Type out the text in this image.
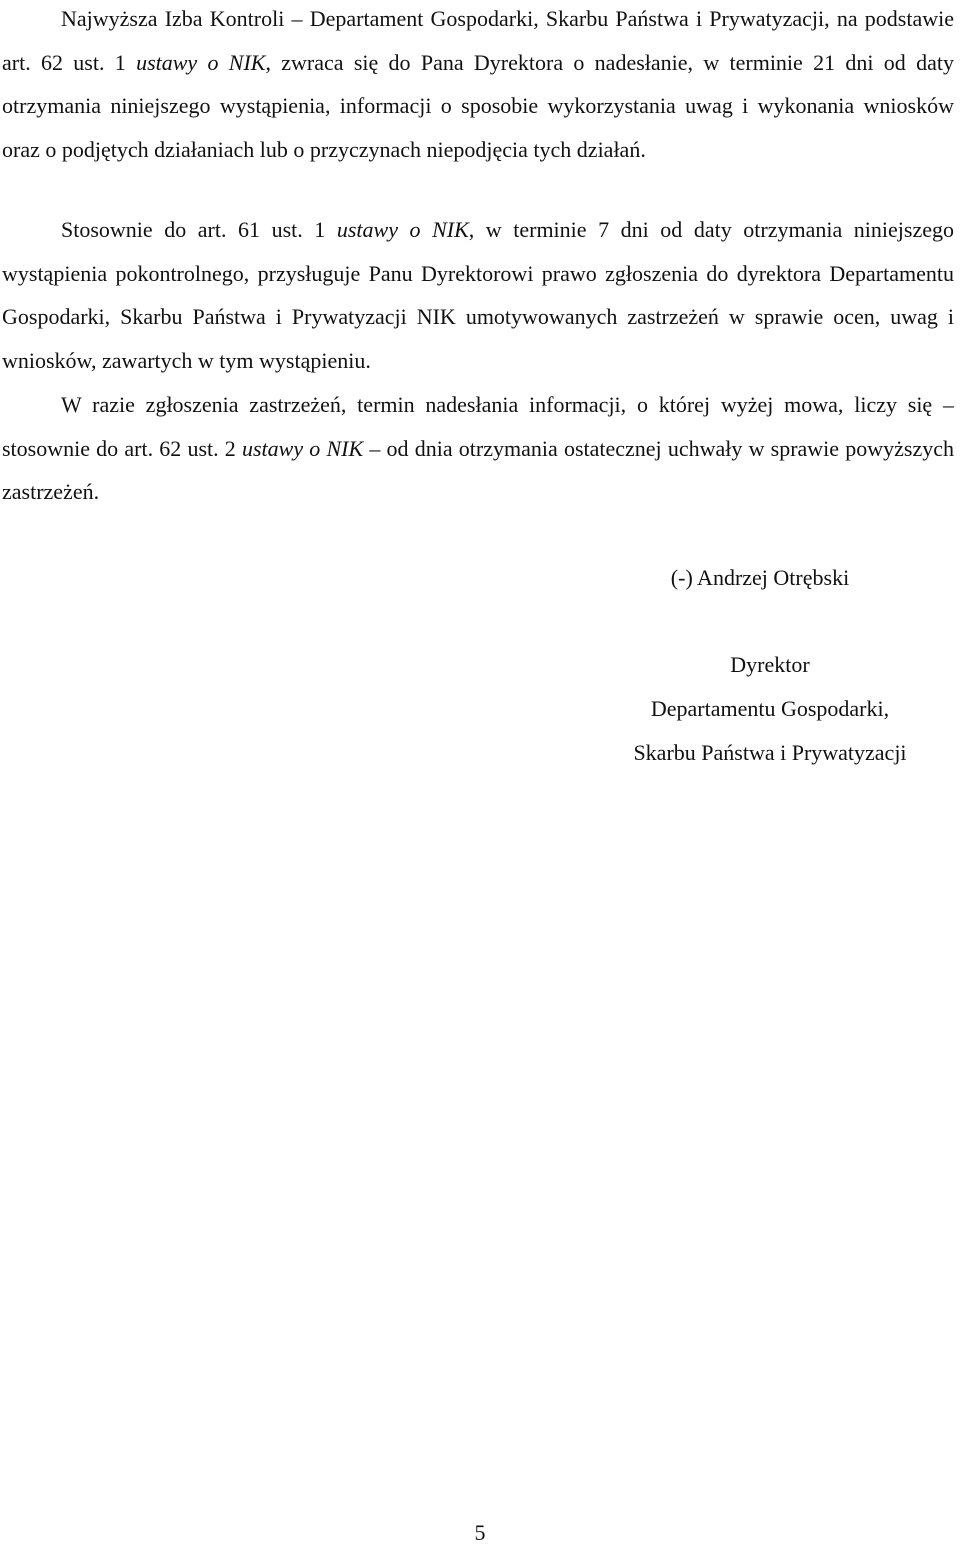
Najwyższa Izba Kontroli – Departament Gospodarki, Skarbu Państwa i Prywatyzacji, na podstawie art. 62 ust. 1 ustawy o NIK, zwraca się do Pana Dyrektora o nadesłanie, w terminie 21 dni od daty otrzymania niniejszego wystąpienia, informacji o sposobie wykorzystania uwag i wykonania wniosków oraz o podjętych działaniach lub o przyczynach niepodjęcia tych działań.

Stosownie do art. 61 ust. 1 ustawy o NIK, w terminie 7 dni od daty otrzymania niniejszego wystąpienia pokontrolnego, przysługuje Panu Dyrektorowi prawo zgłoszenia do dyrektora Departamentu Gospodarki, Skarbu Państwa i Prywatyzacji NIK umotywowanych zastrzeżeń w sprawie ocen, uwag i wniosków, zawartych w tym wystąpieniu.

W razie zgłoszenia zastrzeżeń, termin nadesłania informacji, o której wyżej mowa, liczy się – stosownie do art. 62 ust. 2 ustawy o NIK – od dnia otrzymania ostatecznej uchwały w sprawie powyższych zastrzeżeń.

(-) Andrzej Otrębski
Dyrektor
Departamentu Gospodarki,
Skarbu Państwa i Prywatyzacji
5
